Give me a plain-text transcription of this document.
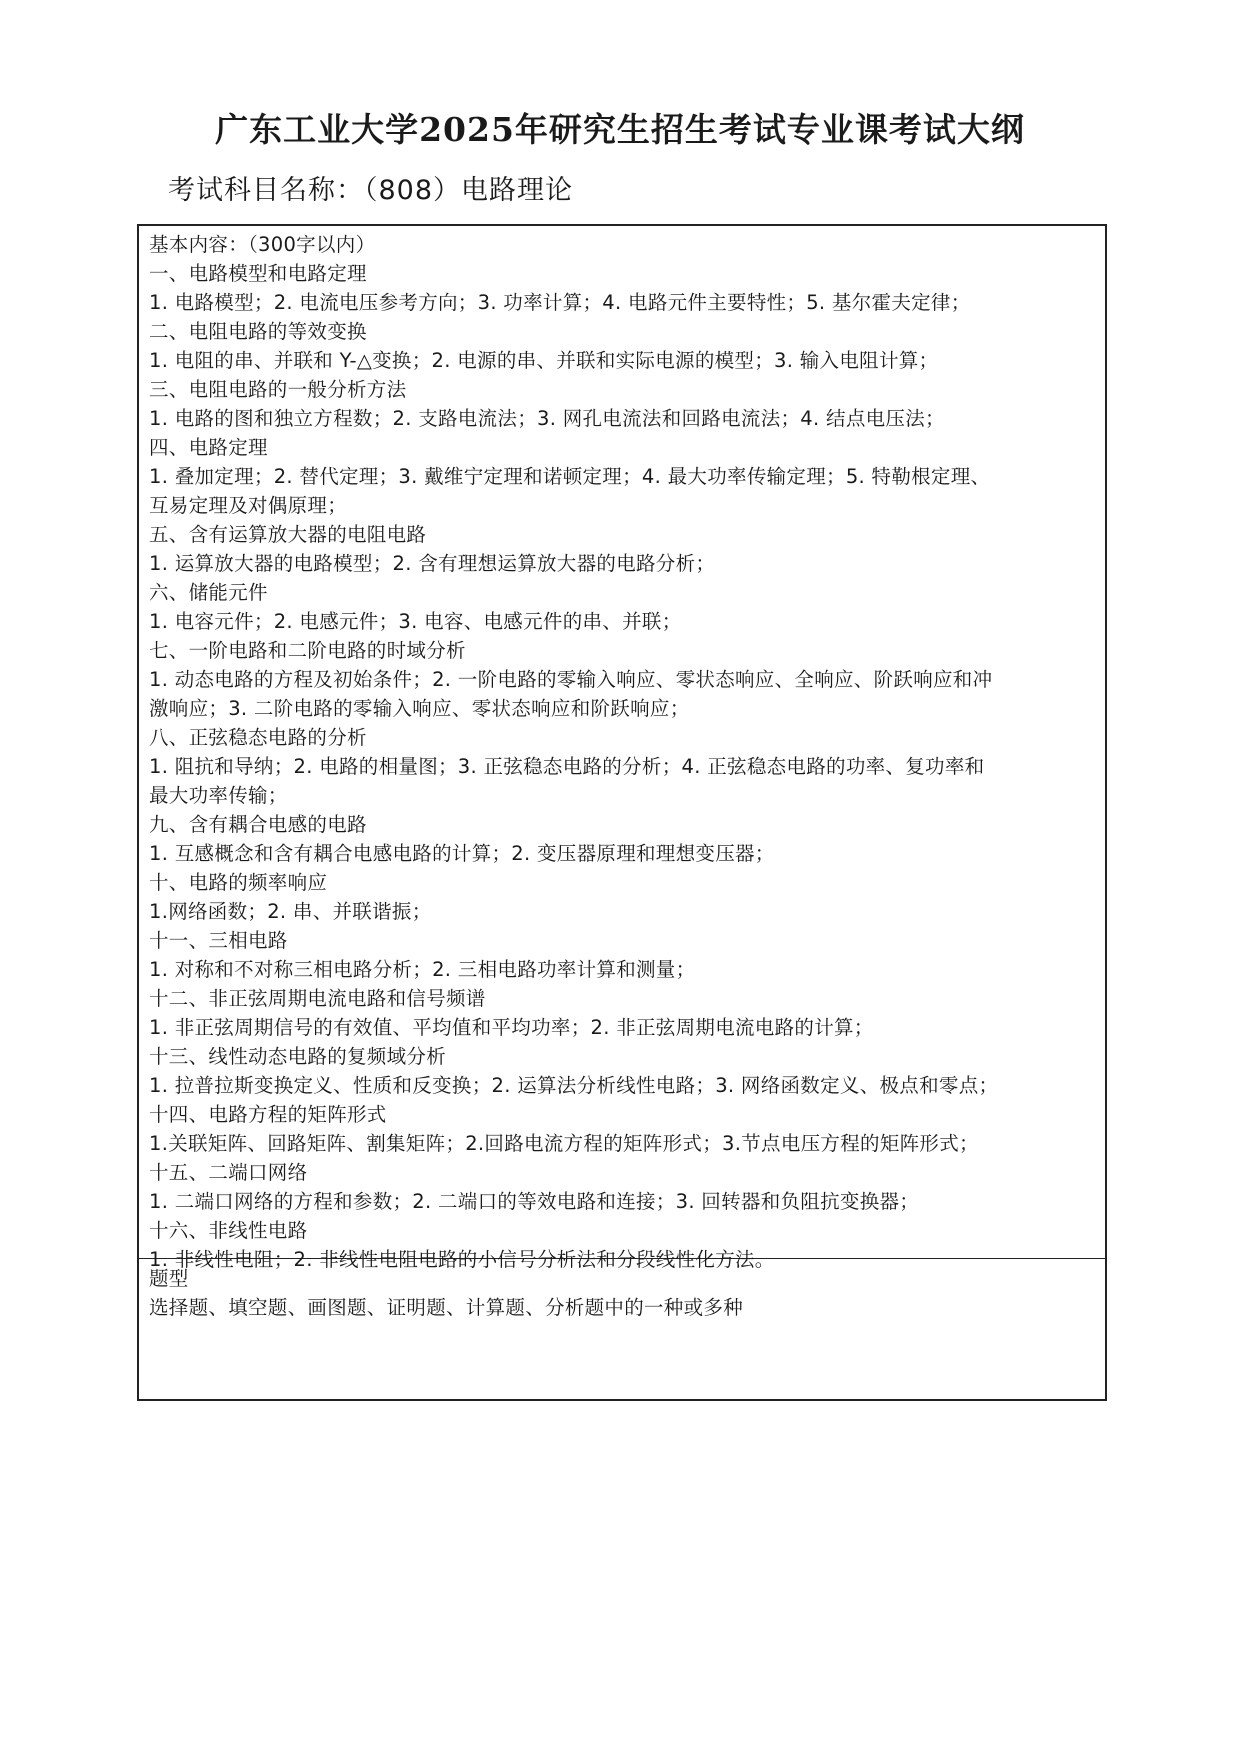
广东工业大学2025年研究生招生考试专业课考试大纲
考试科目名称：（808）电路理论
基本内容：（300字以内）
一、电路模型和电路定理
1. 电路模型；2. 电流电压参考方向；3. 功率计算；4. 电路元件主要特性；5. 基尔霍夫定律；
二、电阻电路的等效变换
1. 电阻的串、并联和 Y-△变换；2. 电源的串、并联和实际电源的模型；3. 输入电阻计算；
三、电阻电路的一般分析方法
1. 电路的图和独立方程数；2. 支路电流法；3. 网孔电流法和回路电流法；4. 结点电压法；
四、电路定理
1. 叠加定理；2. 替代定理；3. 戴维宁定理和诺顿定理；4. 最大功率传输定理；5. 特勒根定理、
互易定理及对偶原理；
五、含有运算放大器的电阻电路
1. 运算放大器的电路模型；2. 含有理想运算放大器的电路分析；
六、储能元件
1. 电容元件；2. 电感元件；3. 电容、电感元件的串、并联；
七、一阶电路和二阶电路的时域分析
1. 动态电路的方程及初始条件；2. 一阶电路的零输入响应、零状态响应、全响应、阶跃响应和冲
激响应；3. 二阶电路的零输入响应、零状态响应和阶跃响应；
八、正弦稳态电路的分析
1. 阻抗和导纳；2. 电路的相量图；3. 正弦稳态电路的分析；4. 正弦稳态电路的功率、复功率和
最大功率传输；
九、含有耦合电感的电路
1. 互感概念和含有耦合电感电路的计算；2. 变压器原理和理想变压器；
十、电路的频率响应
1.网络函数；2. 串、并联谐振；
十一、三相电路
1. 对称和不对称三相电路分析；2. 三相电路功率计算和测量；
十二、非正弦周期电流电路和信号频谱
1. 非正弦周期信号的有效值、平均值和平均功率；2. 非正弦周期电流电路的计算；
十三、线性动态电路的复频域分析
1. 拉普拉斯变换定义、性质和反变换；2. 运算法分析线性电路；3. 网络函数定义、极点和零点；
十四、电路方程的矩阵形式
1.关联矩阵、回路矩阵、割集矩阵；2.回路电流方程的矩阵形式；3.节点电压方程的矩阵形式；
十五、二端口网络
1. 二端口网络的方程和参数；2. 二端口的等效电路和连接；3. 回转器和负阻抗变换器；
十六、非线性电路
1. 非线性电阻；2. 非线性电阻电路的小信号分析法和分段线性化方法。
题型
选择题、填空题、画图题、证明题、计算题、分析题中的一种或多种
